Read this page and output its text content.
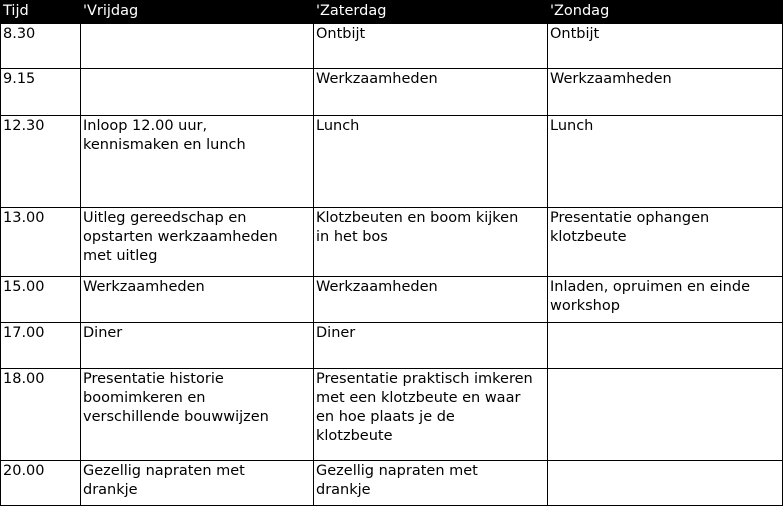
Tijd	'Vrijdag	'Zaterdag	'Zondag

8.30		Ontbijt	Ontbijt

9.15		Werkzaamheden	Werkzaamheden

12.30	Inloop 12.00 uur,
kennismaken en lunch	Lunch	Lunch

13.00	Uitleg gereedschap en
opstarten werkzaamheden
met uitleg	Klotzbeuten en boom kijken
in het bos	Presentatie ophangen
klotzbeute

15.00	Werkzaamheden	Werkzaamheden	Inladen, opruimen en einde
workshop

17.00	Diner	Diner	

18.00	Presentatie historie
boomimkeren en
verschillende bouwwijzen	Presentatie praktisch imkeren
met een klotzbeute en waar
en hoe plaats je de
klotzbeute	

20.00	Gezellig napraten met
drankje	Gezellig napraten met
drankje	
